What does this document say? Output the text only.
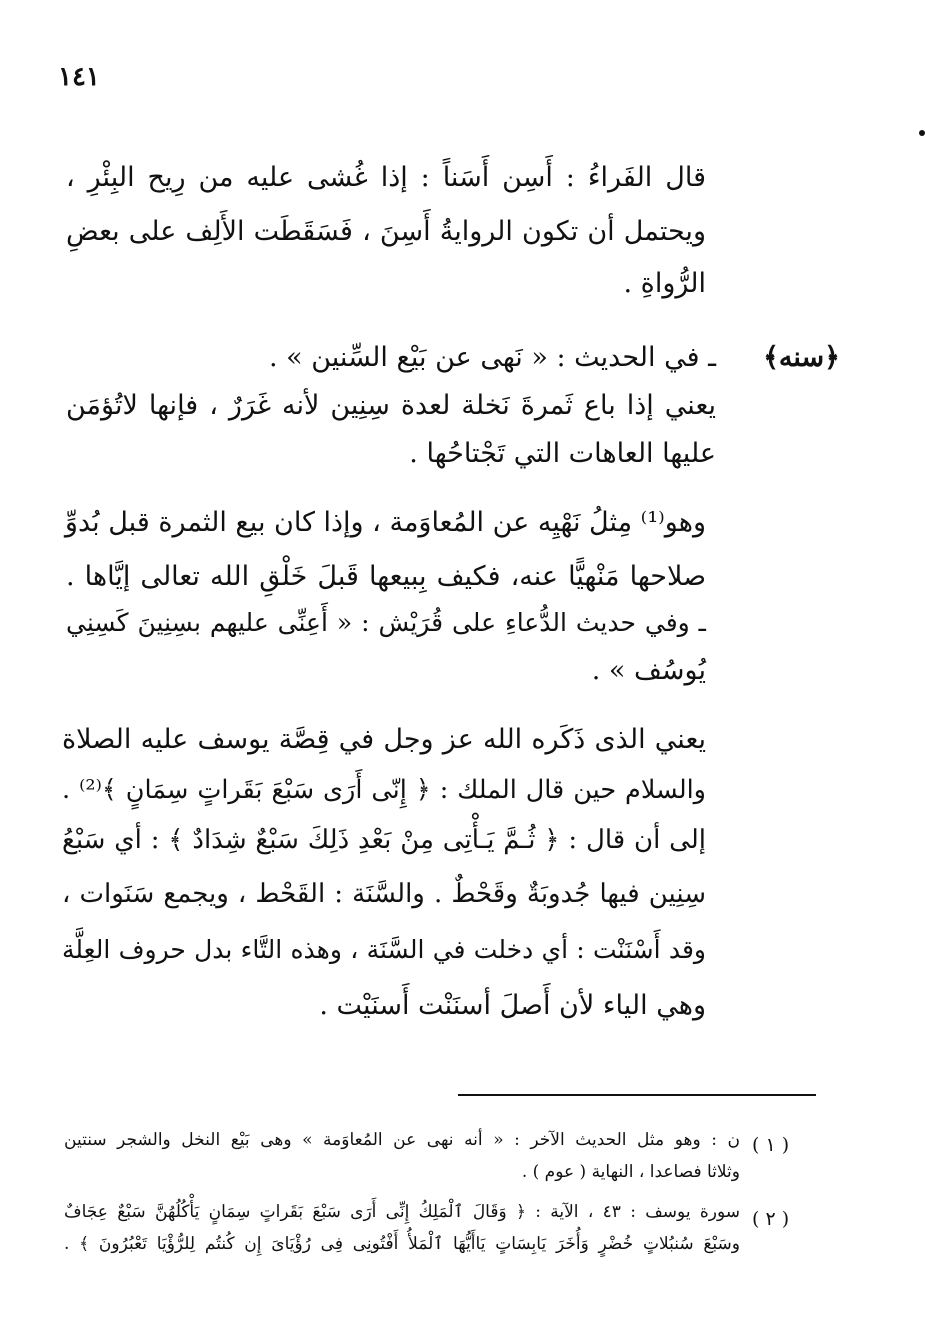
١٤١
قال الفَراءُ : أَسِن أَسَناً : إذا غُشى عليه من رِيح البِئْرِ ،
ويحتمل أن تكون الروايةُ أَسِنَ ، فَسَقَطَت الأَلِف على بعضِ
الرُّواةِ .
﴿سنه﴾
ـ في الحديث : « نَهى عن بَيْع السِّنين » .
يعني إذا باع ثَمرةَ نَخلة لعدة سِنِين لأنه غَرَرٌ ، فإنها لاتُؤمَن
عليها العاهات التي تَجْتاحُها .
وهو⁽¹⁾ مِثلُ نَهْيِه عن المُعاوَمة ، وإذا كان بيع الثمرة قبل بُدوِّ
صلاحها مَنْهيًّا عنه، فكيف بِبيعها قَبلَ خَلْقِ الله تعالى إيَّاها .
ـ وفي حديث الدُّعاءِ على قُرَيْش : « أَعِنِّى عليهم بسِنِينَ كَسِنِي
يُوسُف » .
يعني الذى ذَكَره الله عز وجل في قِصَّة يوسف عليه الصلاة
والسلام حين قال الملك : ﴿ إِنّى أَرَى سَبْعَ بَقَراتٍ سِمَانٍ ﴾⁽²⁾ .
إلى أن قال : ﴿ ثُـمَّ يَـأْتِى مِنْ بَعْدِ ذَلِكَ سَبْعٌ شِدَادٌ ﴾ : أي سَبْعُ
سِنِين فيها جُدوبَةٌ وقَحْطٌ . والسَّنَة : القَحْط ، ويجمع سَنَوات ،
وقد أَسْنَنْت : أي دخلت في السَّنَة ، وهذه التَّاء بدل حروف العِلَّة
وهي الياء لأن أَصلَ أسنَنْت أَسنَيْت .
( ١ )
ن : وهو مثل الحديث الآخر : « أنه نهى عن المُعاوَمة » وهى بَيْع النخل والشجر سنتين
وثلاثا فصاعدا ، النهاية ( عوم ) .
( ٢ )
سورة يوسف : ٤٣ ، الآية : ﴿ وَقَالَ ٱلْمَلِكُ إِنِّى أَرَى سَبْعَ بَقَراتٍ سِمَانٍ يَأْكُلُهُنَّ سَبْعٌ عِجَافٌ
وسَبْعَ سُنبُلاتٍ خُضْرٍ وَأُخَرَ يَابِسَاتٍ يَاأَيُّهَا ٱلْمَلأُ أَفْتُونِى فِى رُؤْيَاىَ إِن كُنتُم لِلرُّؤْيَا تَعْبُرُونَ ﴾ .
